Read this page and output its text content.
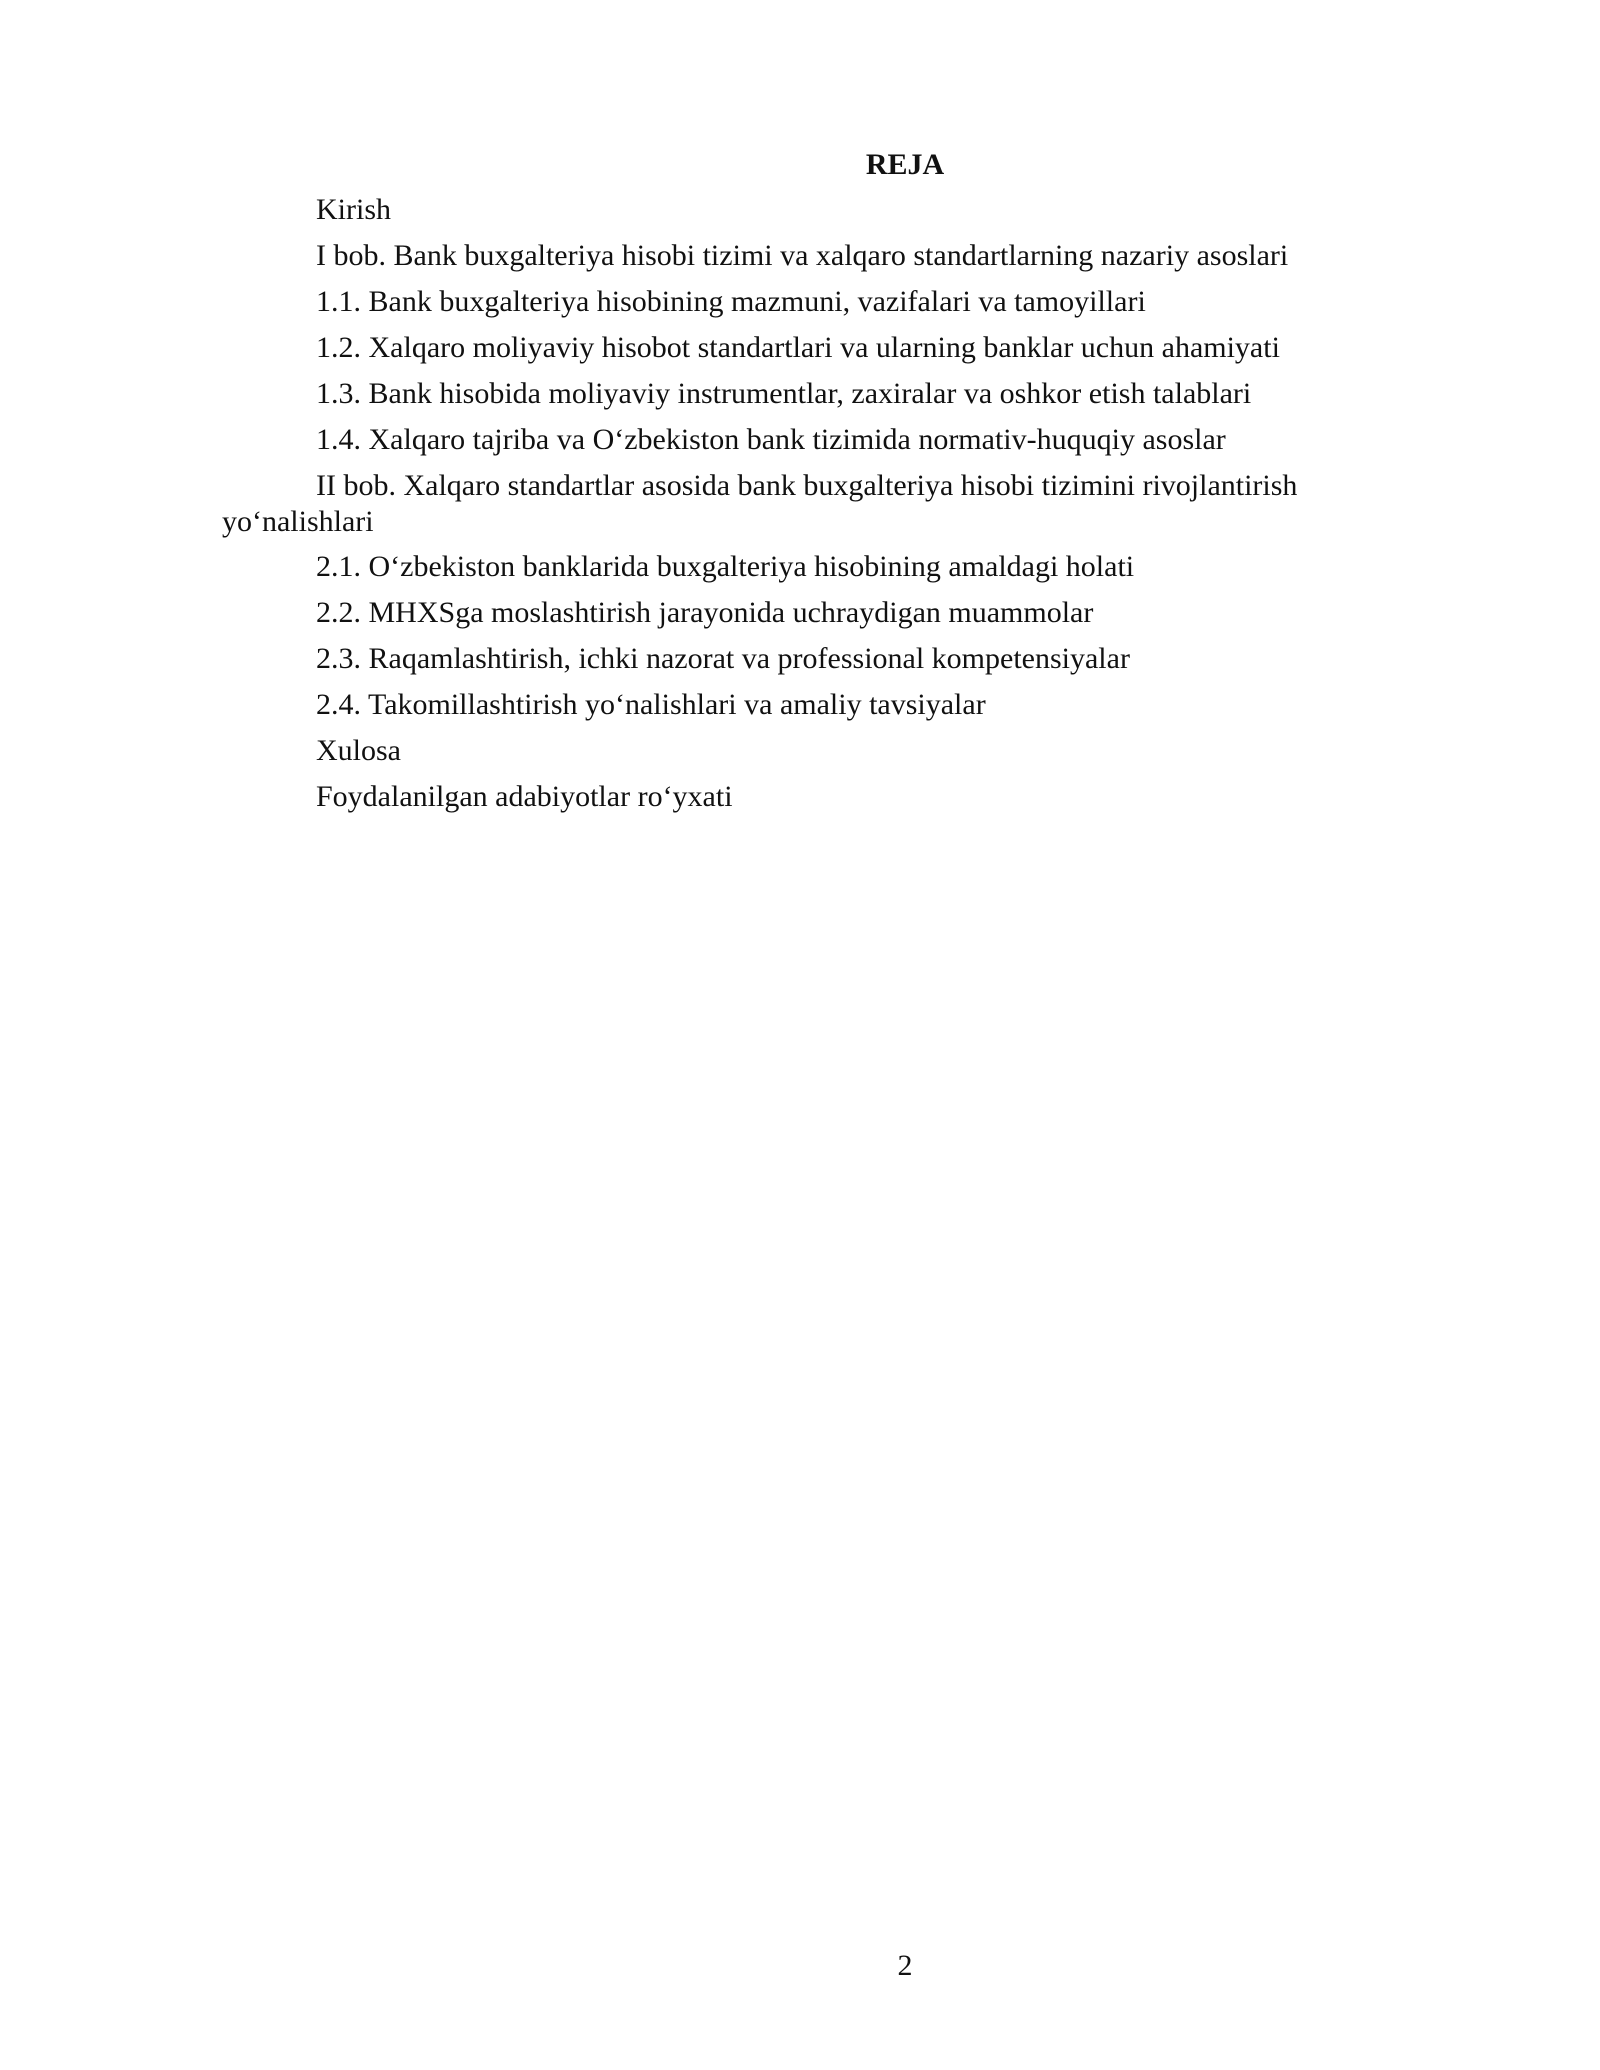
REJA
Kirish
I bob. Bank buxgalteriya hisobi tizimi va xalqaro standartlarning nazariy asoslari
1.1. Bank buxgalteriya hisobining mazmuni, vazifalari va tamoyillari
1.2. Xalqaro moliyaviy hisobot standartlari va ularning banklar uchun ahamiyati
1.3. Bank hisobida moliyaviy instrumentlar, zaxiralar va oshkor etish talablari
1.4. Xalqaro tajriba va O‘zbekiston bank tizimida normativ-huquqiy asoslar
II bob. Xalqaro standartlar asosida bank buxgalteriya hisobi tizimini rivojlantirish yo‘nalishlari
2.1. O‘zbekiston banklarida buxgalteriya hisobining amaldagi holati
2.2. MHXSga moslashtirish jarayonida uchraydigan muammolar
2.3. Raqamlashtirish, ichki nazorat va professional kompetensiyalar
2.4. Takomillashtirish yo‘nalishlari va amaliy tavsiyalar
Xulosa
Foydalanilgan adabiyotlar ro‘yxati
2
